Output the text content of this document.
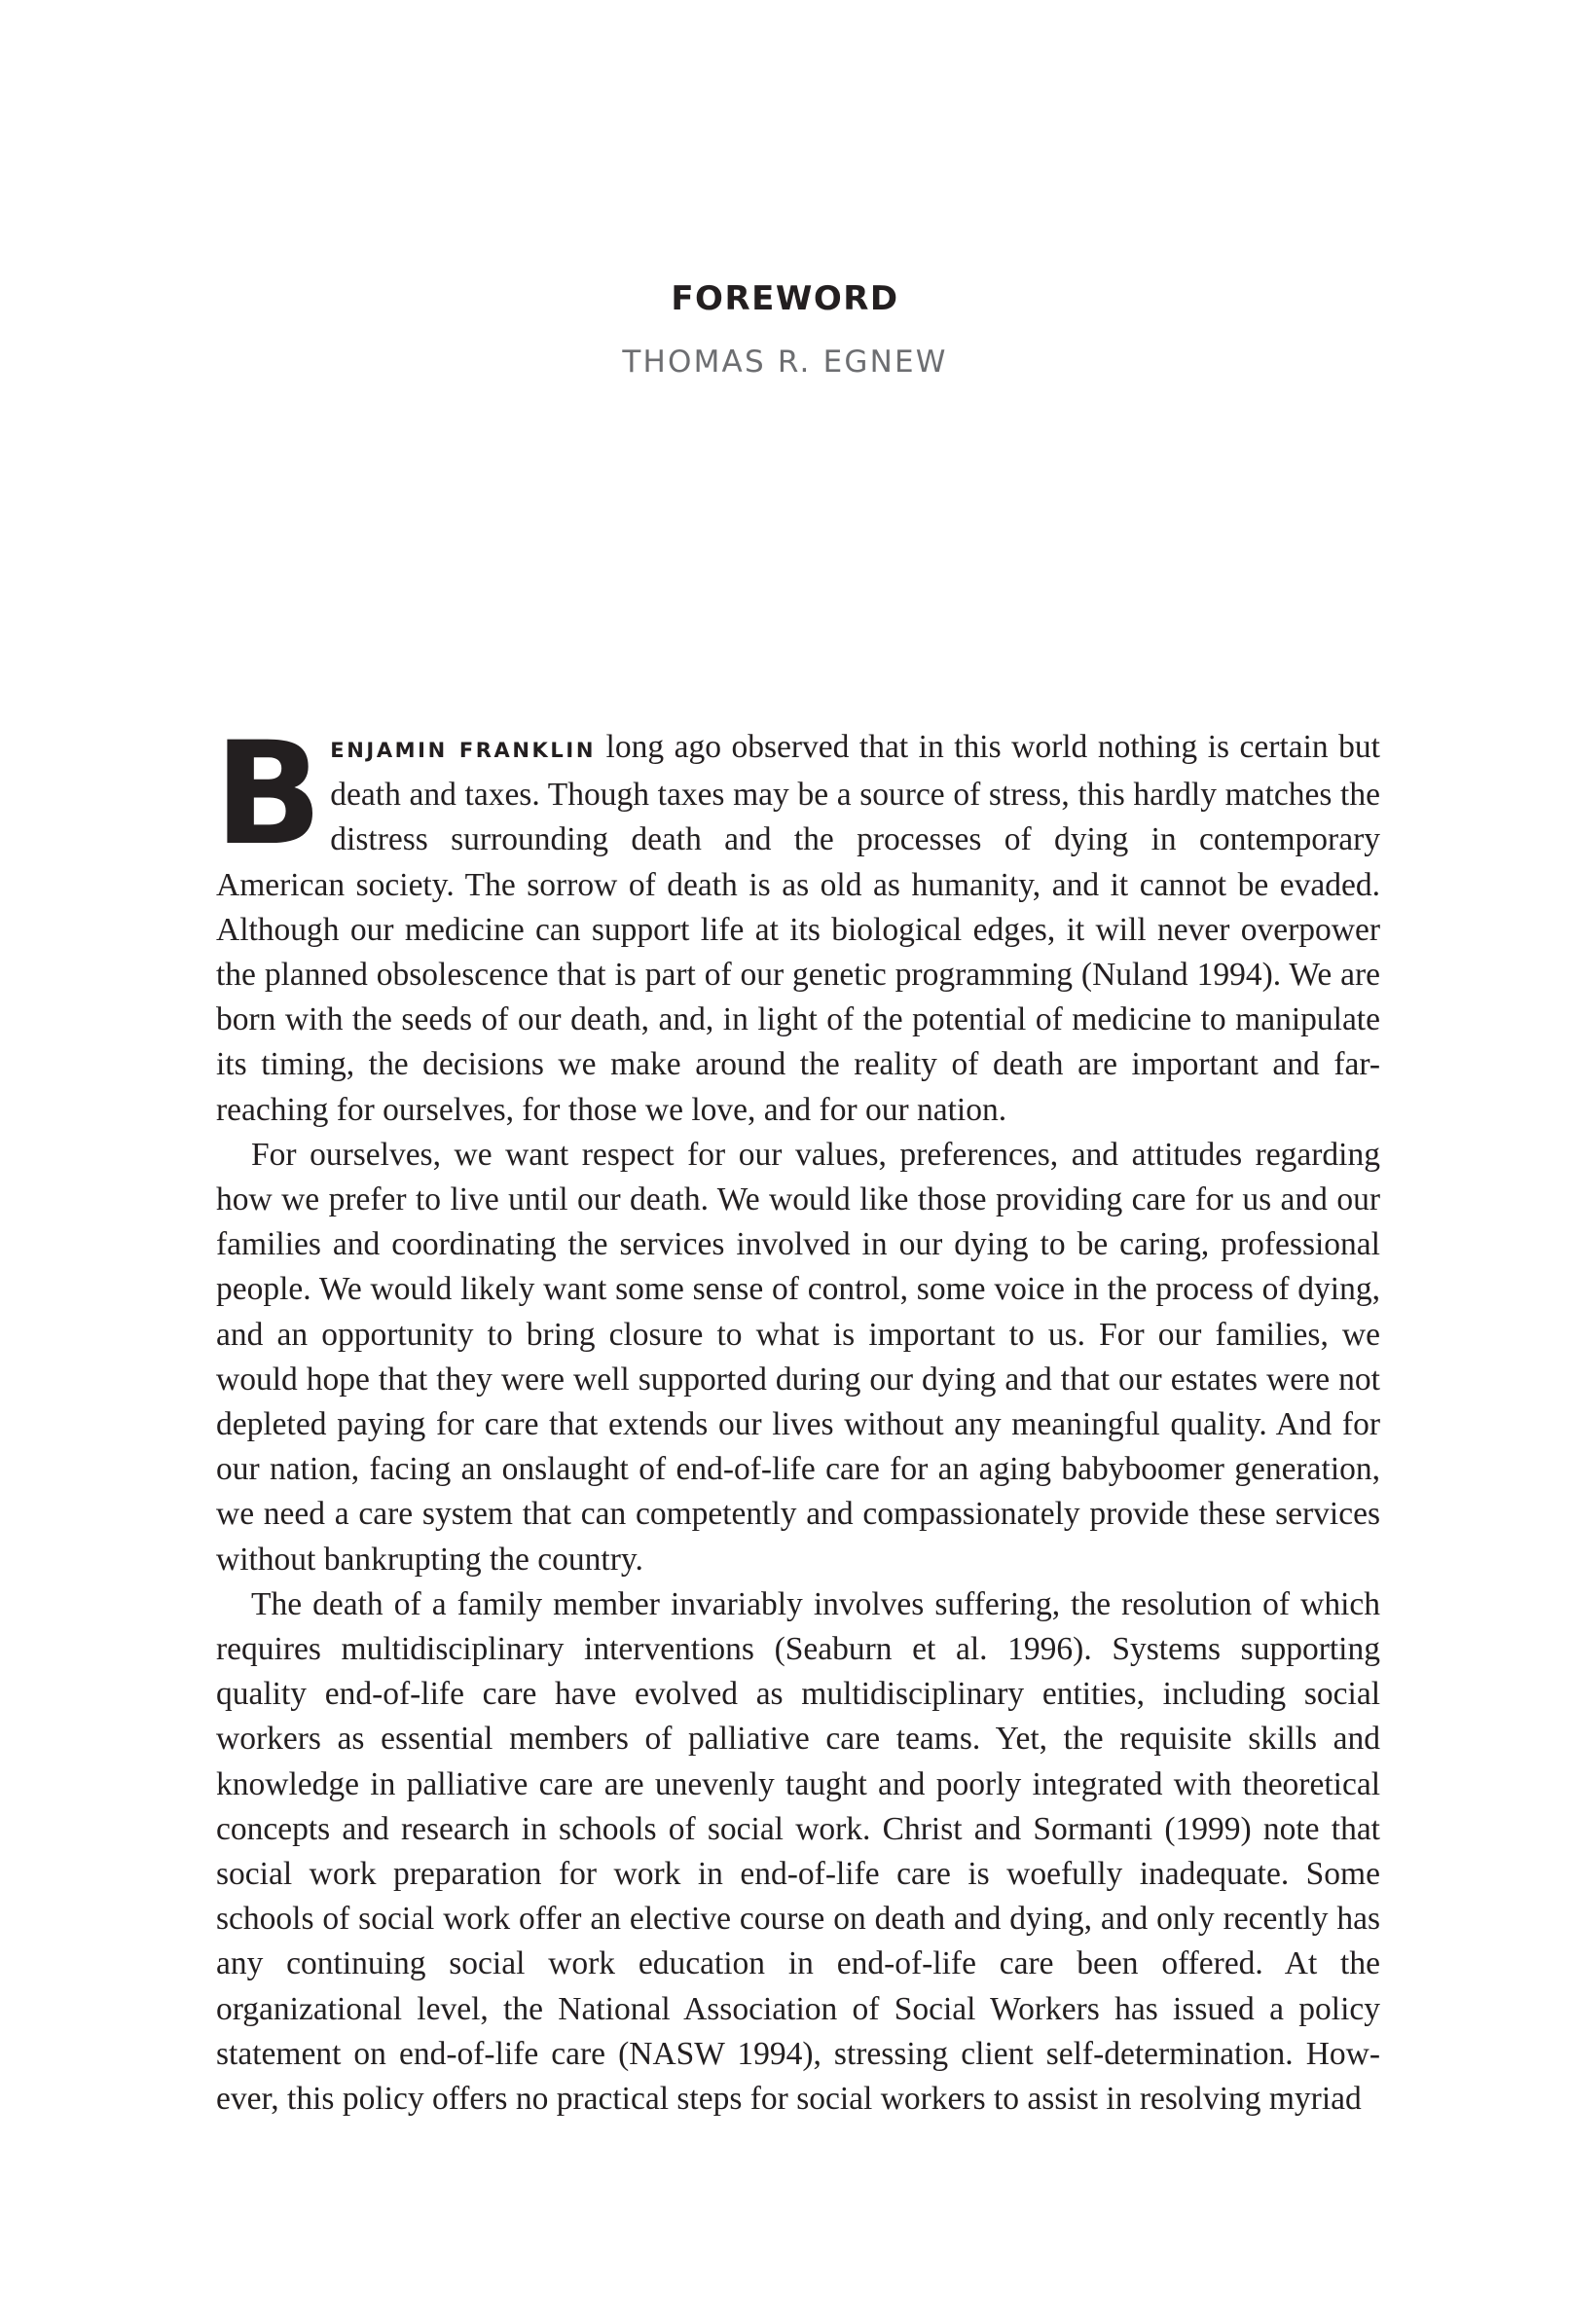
FOREWORD
THOMAS R. EGNEW

BENJAMIN FRANKLIN long ago observed that in this world nothing is certain but death and taxes. Though taxes may be a source of stress, this hardly matches the distress surrounding death and the processes of dying in contemporary American society. The sorrow of death is as old as humanity, and it cannot be evaded. Although our medicine can support life at its biological edges, it will never overpower the planned obsolescence that is part of our genetic programming (Nuland 1994). We are born with the seeds of our death, and, in light of the potential of medicine to manipulate its timing, the decisions we make around the reality of death are important and far-reaching for ourselves, for those we love, and for our nation.

For ourselves, we want respect for our values, preferences, and attitudes regarding how we prefer to live until our death. We would like those providing care for us and our families and coordinating the services involved in our dying to be caring, professional people. We would likely want some sense of control, some voice in the process of dying, and an opportunity to bring closure to what is important to us. For our families, we would hope that they were well supported during our dying and that our estates were not depleted paying for care that extends our lives without any meaningful quality. And for our nation, facing an onslaught of end-of-life care for an aging babyboomer generation, we need a care system that can competently and compassionately provide these services without bankrupting the country.

The death of a family member invariably involves suffering, the resolution of which requires multidisciplinary interventions (Seaburn et al. 1996). Systems supporting quality end-of-life care have evolved as multidisciplinary entities, including social workers as essential members of palliative care teams. Yet, the requisite skills and knowledge in palliative care are unevenly taught and poorly integrated with theoretical concepts and research in schools of social work. Christ and Sormanti (1999) note that social work preparation for work in end-of-life care is woefully inadequate. Some schools of social work offer an elective course on death and dying, and only recently has any continuing social work education in end-of-life care been offered. At the organizational level, the National Association of Social Workers has issued a policy statement on end-of-life care (NASW 1994), stressing client self-determination. However, this policy offers no practical steps for social workers to assist in resolving myriad
